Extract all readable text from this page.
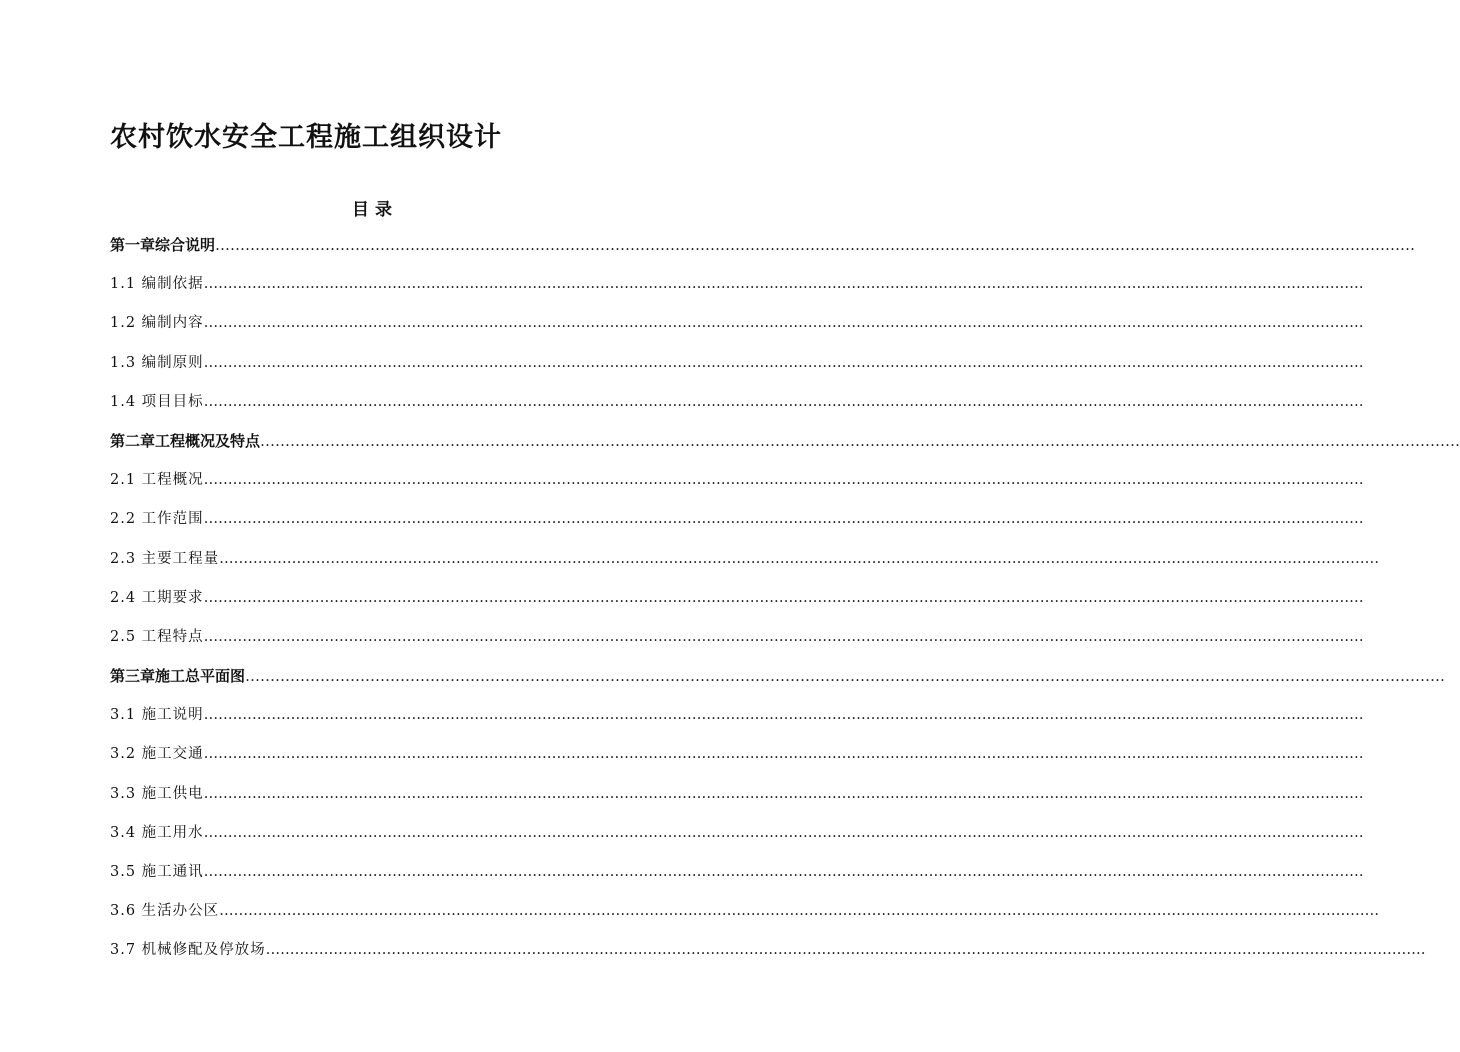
农村饮水安全工程施工组织设计
目录
第一章综合说明……………………………………………………………………………………………………………………………………………………………………………………………………………………
1.1 编制依据……………………………………………………………………………………………………………………………………………………………………………………………………………………
1.2 编制内容……………………………………………………………………………………………………………………………………………………………………………………………………………………
1.3 编制原则……………………………………………………………………………………………………………………………………………………………………………………………………………………
1.4 项目目标……………………………………………………………………………………………………………………………………………………………………………………………………………………
第二章工程概况及特点……………………………………………………………………………………………………………………………………………………………………………………………………………………
2.1 工程概况……………………………………………………………………………………………………………………………………………………………………………………………………………………
2.2 工作范围……………………………………………………………………………………………………………………………………………………………………………………………………………………
2.3 主要工程量……………………………………………………………………………………………………………………………………………………………………………………………………………………
2.4 工期要求……………………………………………………………………………………………………………………………………………………………………………………………………………………
2.5 工程特点……………………………………………………………………………………………………………………………………………………………………………………………………………………
第三章施工总平面图……………………………………………………………………………………………………………………………………………………………………………………………………………………
3.1 施工说明……………………………………………………………………………………………………………………………………………………………………………………………………………………
3.2 施工交通……………………………………………………………………………………………………………………………………………………………………………………………………………………
3.3 施工供电……………………………………………………………………………………………………………………………………………………………………………………………………………………
3.4 施工用水……………………………………………………………………………………………………………………………………………………………………………………………………………………
3.5 施工通讯……………………………………………………………………………………………………………………………………………………………………………………………………………………
3.6 生活办公区……………………………………………………………………………………………………………………………………………………………………………………………………………………
3.7 机械修配及停放场……………………………………………………………………………………………………………………………………………………………………………………………………………………
